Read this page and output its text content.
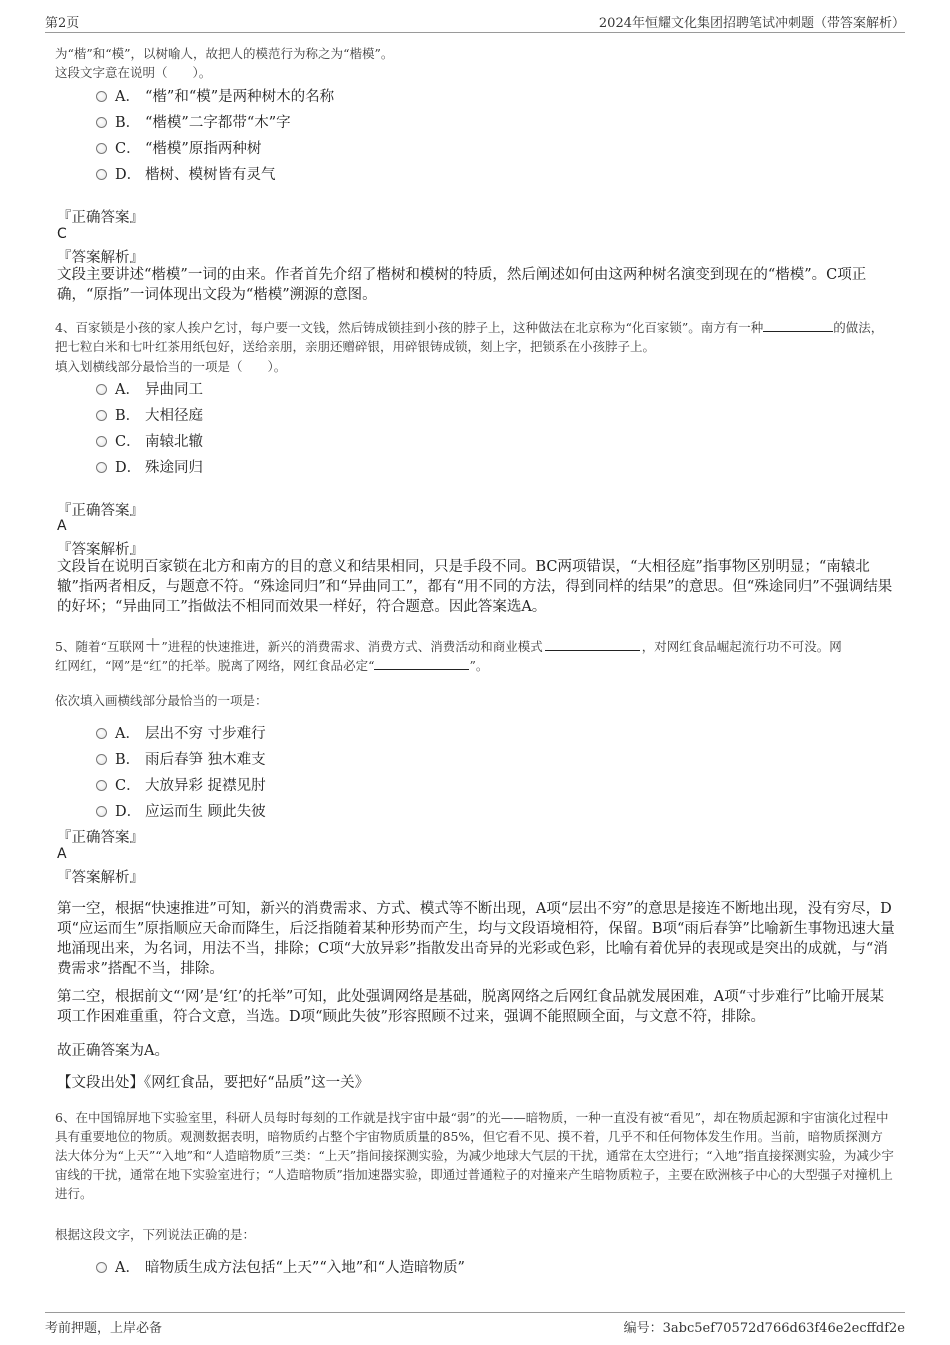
第2页	2024年恒耀文化集团招聘笔试冲刺题（带答案解析）

为“楷”和“模”，以树喻人，故把人的模范行为称之为“楷模”。

这段文字意在说明（　　）。

A． “楷”和“模”是两种树木的名称
B． “楷模”二字都带“木”字
C． “楷模”原指两种树
D． 楷树、模树皆有灵气
『正确答案』
C
『答案解析』

文段主要讲述“楷模”一词的由来。作者首先介绍了楷树和模树的特质，然后阐述如何由这两种树名演变到现在的“楷模”。C项正确，“原指”一词体现出文段为“楷模”溯源的意图。

4、百家锁是小孩的家人挨户乞讨，每户要一文钱，然后铸成锁挂到小孩的脖子上，这种做法在北京称为“化百家锁”。南方有一种	的做法，把七粒白米和七叶红茶用纸包好，送给亲朋，亲朋还赠碎银，用碎银铸成锁，刻上字，把锁系在小孩脖子上。

填入划横线部分最恰当的一项是（　　）。

A． 异曲同工
B． 大相径庭
C． 南辕北辙
D． 殊途同归
『正确答案』
A
『答案解析』

文段旨在说明百家锁在北方和南方的目的意义和结果相同，只是手段不同。BC两项错误，“大相径庭”指事物区别明显；“南辕北辙”指两者相反，与题意不符。“殊途同归”和“异曲同工”，都有“用不同的方法，得到同样的结果”的意思。但“殊途同归”不强调结果的好坏；“异曲同工”指做法不相同而效果一样好，符合题意。因此答案选A。

5、随着“互联网＋”进程的快速推进，新兴的消费需求、消费方式、消费活动和商业模式	，对网红食品崛起流行功不可没。网
红网红，“网”是“红”的托举。脱离了网络，网红食品必定“	”。

依次填入画横线部分最恰当的一项是：

A． 层出不穷 寸步难行
B． 雨后春笋 独木难支
C． 大放异彩 捉襟见肘
D． 应运而生 顾此失彼
『正确答案』
A
『答案解析』

第一空，根据“快速推进”可知，新兴的消费需求、方式、模式等不断出现，A项“层出不穷”的意思是接连不断地出现，没有穷尽，D项“应运而生”原指顺应天命而降生，后泛指随着某种形势而产生，均与文段语境相符，保留。B项“雨后春笋”比喻新生事物迅速大量地涌现出来，为名词，用法不当，排除；C项“大放异彩”指散发出奇异的光彩或色彩，比喻有着优异的表现或是突出的成就，与“消费需求”搭配不当，排除。

第二空，根据前文“‘网’是‘红’的托举”可知，此处强调网络是基础，脱离网络之后网红食品就发展困难，A项“寸步难行”比喻开展某项工作困难重重，符合文意，当选。D项“顾此失彼”形容照顾不过来，强调不能照顾全面，与文意不符，排除。

故正确答案为A。

【文段出处】《网红食品，要把好“品质”这一关》

6、在中国锦屏地下实验室里，科研人员每时每刻的工作就是找宇宙中最“弱”的光——暗物质，一种一直没有被“看见”，却在物质起源和宇宙演化过程中具有重要地位的物质。观测数据表明，暗物质约占整个宇宙物质质量的85%，但它看不见、摸不着，几乎不和任何物体发生作用。当前，暗物质探测方法大体分为“上天”“入地”和“人造暗物质”三类：“上天”指间接探测实验，为减少地球大气层的干扰，通常在太空进行；“入地”指直接探测实验，为减少宇宙线的干扰，通常在地下实验室进行；“人造暗物质”指加速器实验，即通过普通粒子的对撞来产生暗物质粒子，主要在欧洲核子中心的大型强子对撞机上进行。

根据这段文字，下列说法正确的是：

A． 暗物质生成方法包括“上天”“入地”和“人造暗物质”
考前押题，上岸必备	编号：3abc5ef70572d766d63f46e2ecffdf2e
